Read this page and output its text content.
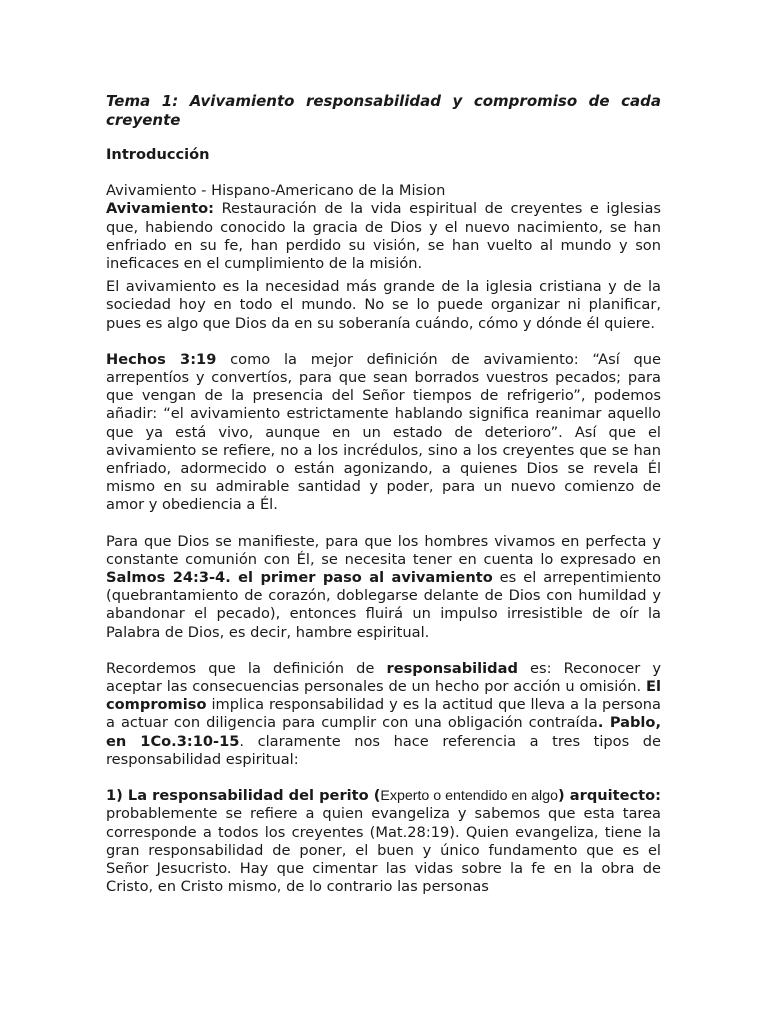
Tema 1: Avivamiento responsabilidad y compromiso de cada creyente

Introducción

Avivamiento - Hispano-Americano de la Mision

Avivamiento: Restauración de la vida espiritual de creyentes e iglesias que, habiendo conocido la gracia de Dios y el nuevo nacimiento, se han enfriado en su fe, han perdido su visión, se han vuelto al mundo y son ineficaces en el cumplimiento de la misión.

El avivamiento es la necesidad más grande de la iglesia cristiana y de la sociedad hoy en todo el mundo. No se lo puede organizar ni planificar, pues es algo que Dios da en su soberanía cuándo, cómo y dónde él quiere.

Hechos 3:19 como la mejor definición de avivamiento: “Así que arrepentíos y convertíos, para que sean borrados vuestros pecados; para que vengan de la presencia del Señor tiempos de refrigerio”, podemos añadir: “el avivamiento estrictamente hablando significa reanimar aquello que ya está vivo, aunque en un estado de deterioro”. Así que el avivamiento se refiere, no a los incrédulos, sino a los creyentes que se han enfriado, adormecido o están agonizando, a quienes Dios se revela Él mismo en su admirable santidad y poder, para un nuevo comienzo de amor y obediencia a Él.

Para que Dios se manifieste, para que los hombres vivamos en perfecta y constante comunión con Él, se necesita tener en cuenta lo expresado en Salmos 24:3-4. el primer paso al avivamiento es el arrepentimiento (quebrantamiento de corazón, doblegarse delante de Dios con humildad y abandonar el pecado), entonces fluirá un impulso irresistible de oír la Palabra de Dios, es decir, hambre espiritual.

Recordemos que la definición de responsabilidad es: Reconocer y aceptar las consecuencias personales de un hecho por acción u omisión. El compromiso implica responsabilidad y es la actitud que lleva a la persona a actuar con diligencia para cumplir con una obligación contraída. Pablo, en 1Co.3:10-15. claramente nos hace referencia a tres tipos de responsabilidad espiritual:

1) La responsabilidad del perito (Experto o entendido en algo) arquitecto: probablemente se refiere a quien evangeliza y sabemos que esta tarea corresponde a todos los creyentes (Mat.28:19). Quien evangeliza, tiene la gran responsabilidad de poner, el buen y único fundamento que es el Señor Jesucristo. Hay que cimentar las vidas sobre la fe en la obra de Cristo, en Cristo mismo, de lo contrario las personas
